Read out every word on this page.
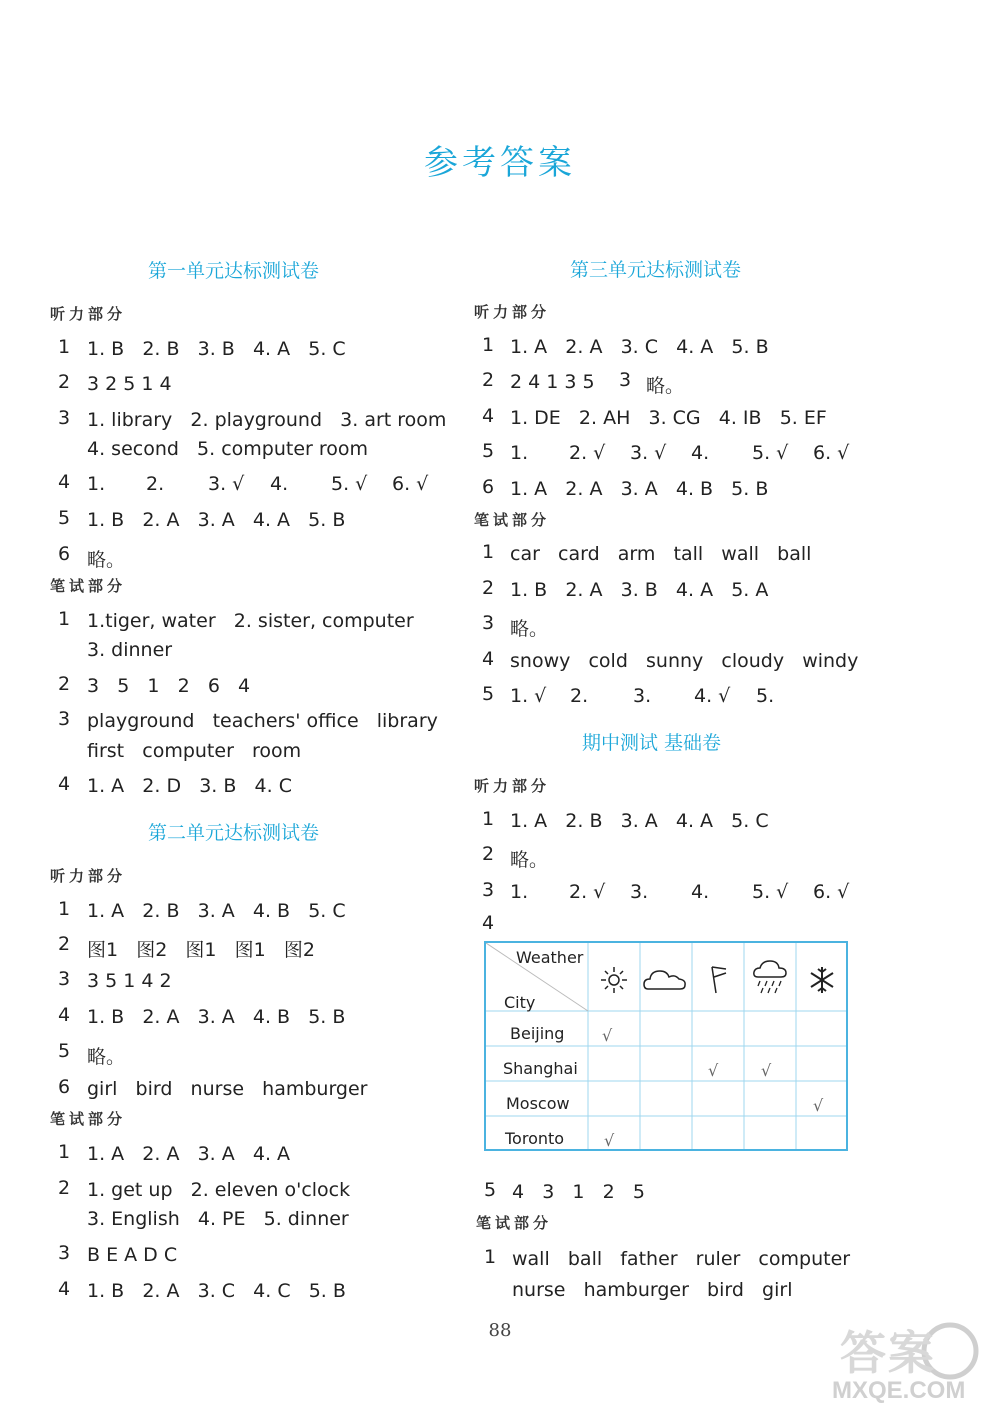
参考答案
第一单元达标测试卷
听力部分
1 1. B   2. B   3. B   4. A   5. C
2 3 2 5 1 4
3 1. library   2. playground   3. art room
4. second   5. computer room
4 1. 2. 3. √ 4. 5. √ 6. √
5 1. B   2. A   3. A   4. A   5. B
6 略。
笔试部分
1 1.tiger, water   2. sister, computer
3. dinner
2 3   5   1   2   6   4
3 playground   teachers' office   library
first   computer   room
4 1. A   2. D   3. B   4. C
第二单元达标测试卷
听力部分
1 1. A   2. B   3. A   4. B   5. C
2 图1   图2   图1   图1   图2
3 3 5 1 4 2
4 1. B   2. A   3. A   4. B   5. B
5 略。
6 girl   bird   nurse   hamburger
笔试部分
1 1. A   2. A   3. A   4. A
2 1. get up   2. eleven o'clock
3. English   4. PE   5. dinner
3 B E A D C
4 1. B   2. A   3. C   4. C   5. B
第三单元达标测试卷
听力部分
1 1. A   2. A   3. C   4. A   5. B
2 2 4 1 3 5 3 略。
4 1. DE   2. AH   3. CG   4. IB   5. EF
5 1. 2. √ 3. √ 4. 5. √ 6. √
6 1. A   2. A   3. A   4. B   5. B
笔试部分
1 car   card   arm   tall   wall   ball
2 1. B   2. A   3. B   4. A   5. A
3 略。
4 snowy   cold   sunny   cloudy   windy
5 1. √ 2. 3. 4. √ 5.
期中测试 基础卷
听力部分
1 1. A   2. B   3. A   4. A   5. C
2 略。
3 1. 2. √ 3. 4. 5. √ 6. √
4
Weather
City
Beijing
Shanghai
Moscow
Toronto
√
√	√
√
√
5 4   3   1   2   5
笔试部分
1 wall   ball   father   ruler   computer
nurse   hamburger   bird   girl
88	答案
MXQE.COM
